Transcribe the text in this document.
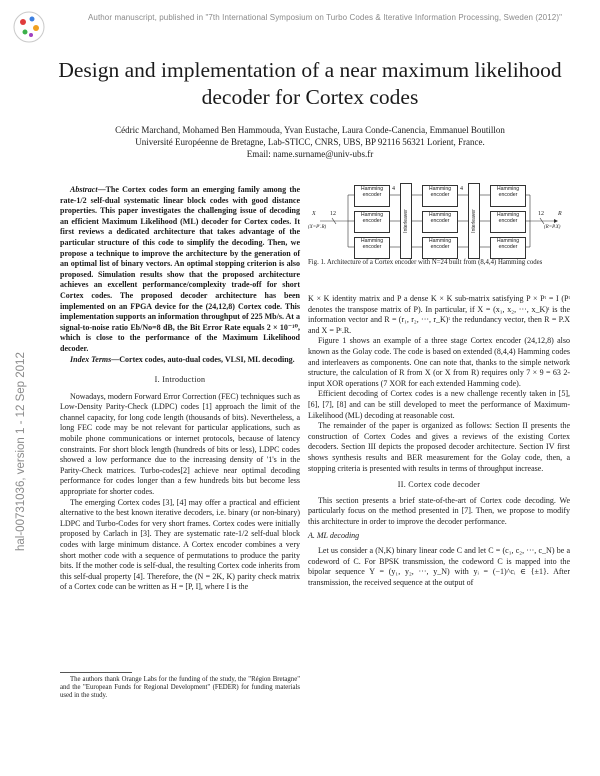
Author manuscript, published in "7th International Symposium on Turbo Codes & Iterative Information Processing, Sweden (2012)"
hal-00731036, version 1 - 12 Sep 2012
Design and implementation of a near maximum likelihood decoder for Cortex codes
Cédric Marchand, Mohamed Ben Hammouda, Yvan Eustache, Laura Conde-Canencia, Emmanuel Boutillon
Université Européenne de Bretagne, Lab-STICC, CNRS, UBS, BP 92116 56321 Lorient, France.
Email: name.surname@univ-ubs.fr

Abstract—The Cortex codes form an emerging family among the rate-1/2 self-dual systematic linear block codes with good distance properties. This paper investigates the challenging issue of decoding an efficient Maximum Likelihood (ML) decoder for Cortex codes. It first reviews a dedicated architecture that takes advantage of the particular structure of this code to simplify the decoding. Then, we propose a technique to improve the architecture by the generation of an optimal list of binary vectors. An optimal stopping criterion is also proposed. Simulation results show that the proposed architecture achieves an excellent performance/complexity trade-off for short Cortex codes. The proposed decoder architecture has been implemented on an FPGA device for the (24,12,8) Cortex code. This implementation supports an information throughput of 225 Mb/s. At a signal-to-noise ratio Eb/No=8 dB, the Bit Error Rate equals 2 × 10⁻¹⁰, which is close to the performance of the Maximum Likelihood decoder.

Index Terms—Cortex codes, auto-dual codes, VLSI, ML decoding.

I. Introduction

Nowadays, modern Forward Error Correction (FEC) techniques such as Low-Density Parity-Check (LDPC) codes [1] approach the limit of the channel capacity, for long code length (thousands of bits). Nevertheless, a long FEC code may be not relevant for particular applications, such as mobile phone communications or internet protocols, because of latency constraints. For short block length (hundreds of bits or less), LDPC codes showed a low performance due to the increasing density of '1's in the Parity-Check matrices. Turbo-codes[2] achieve near optimal decoding performance for codes longer than a few hundreds bits but become less appropriate for shorter codes.

The emerging Cortex codes [3], [4] may offer a practical and efficient alternative to the best known iterative decoders, i.e. binary (or non-binary) LDPC and Turbo-Codes for very short frames. Cortex codes were initially proposed by Carlach in [3]. They are systematic rate-1/2 self-dual block codes with large minimum distance. A Cortex encoder combines a very short mother code with a sequence of permutations to produce the parity bits. If the mother code is self-dual, the resulting Cortex code inherits from this self-dual property [4]. Therefore, the (N = 2K, K) parity check matrix of a Cortex code can be written as H = [P, I], where I is the

The authors thank Orange Labs for the funding of the study, the "Région Bretagne" and the "European Funds for Regional Development" (FEDER) for funding materials used in the study.
Hamming encoder
Hamming encoder
Hamming encoder
Interleaver
Hamming encoder
Hamming encoder
Hamming encoder
Interleaver
Hamming encoder
Hamming encoder
Hamming encoder
X
(X=P'.R)
12	R
(R=P.X)
12
4	4
Fig. 1. Architecture of a Cortex encoder with N=24 built from (8,4,4) Hamming codes

K × K identity matrix and P a dense K × K sub-matrix satisfying P × Pᵗ = I (Pᵗ denotes the transpose matrix of P). In particular, if X = (x₁, x₂, ···, x_K)ᵗ is the information vector and R = (r₁, r₂, ···, r_K)ᵗ the redundancy vector, then R = P.X and X = Pᵗ.R.

Figure 1 shows an example of a three stage Cortex encoder (24,12,8) also known as the Golay code. The code is based on extended (8,4,4) Hamming codes and interleavers as components. One can note that, thanks to the simple network structure, the calculation of R from X (or X from R) requires only 7 × 9 = 63 2-input XOR operations (7 XOR for each extended Hamming code).

Efficient decoding of Cortex codes is a new challenge recently taken in [5], [6], [7], [8] and can be still developed to meet the performance of Maximum-Likelihood (ML) decoding at reasonable cost.

The remainder of the paper is organized as follows: Section II presents the construction of Cortex Codes and gives a reviews of the existing Cortex decoders. Section III depicts the proposed decoder architecture. Section IV first shows synthesis results and BER measurement for the Golay code, then, a stopping criteria is presented with results in terms of throughput increase.

II. Cortex code decoder

This section presents a brief state-of-the-art of Cortex code decoding. We particularly focus on the method presented in [7]. Then, we propose to modify this architecture in order to improve the decoder performance.

A. ML decoding

Let us consider a (N,K) binary linear code C and let C = (c₁, c₂, ···, c_N) be a codeword of C. For BPSK transmission, the codeword C is mapped into the bipolar sequence Y = (y₁, y₂, ···, y_N) with yᵢ = (−1)^cᵢ ∈ {±1}. After transmission, the received sequence at the output of
